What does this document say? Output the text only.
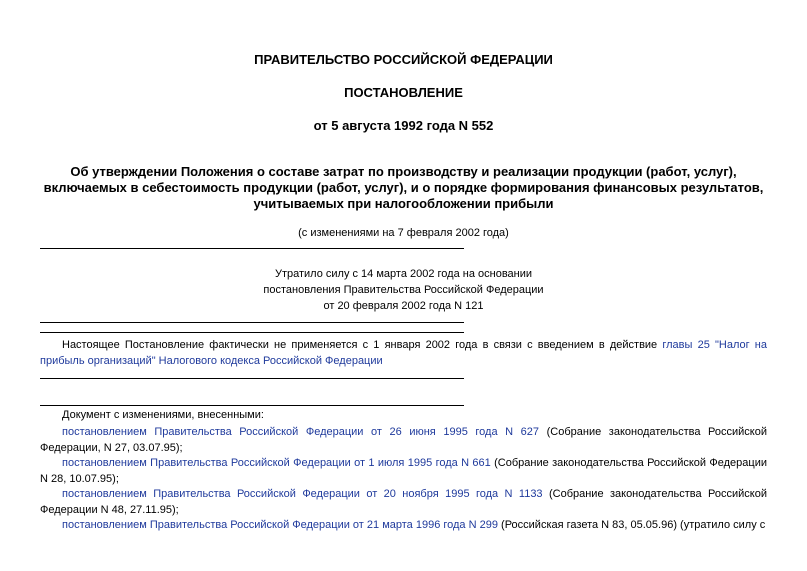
ПРАВИТЕЛЬСТВО РОССИЙСКОЙ ФЕДЕРАЦИИ
ПОСТАНОВЛЕНИЕ
от 5 августа 1992 года N 552
Об утверждении Положения о составе затрат по производству и реализации продукции (работ, услуг), включаемых в себестоимость продукции (работ, услуг), и о порядке формирования финансовых результатов, учитываемых при налогообложении прибыли
(с изменениями на 7 февраля 2002 года)
Утратило силу с 14 марта 2002 года на основании
постановления Правительства Российской Федерации
от 20 февраля 2002 года N 121
Настоящее Постановление фактически не применяется с 1 января 2002 года в связи с введением в действие главы 25 "Налог на прибыль организаций" Налогового кодекса Российской Федерации
Документ с изменениями, внесенными:
постановлением Правительства Российской Федерации от 26 июня 1995 года N 627 (Собрание законодательства Российской Федерации, N 27, 03.07.95);
постановлением Правительства Российской Федерации от 1 июля 1995 года N 661 (Собрание законодательства Российской Федерации N 28, 10.07.95);
постановлением Правительства Российской Федерации от 20 ноября 1995 года N 1133 (Собрание законодательства Российской Федерации N 48, 27.11.95);
постановлением Правительства Российской Федерации от 21 марта 1996 года N 299 (Российская газета N 83, 05.05.96) (утратило силу с
